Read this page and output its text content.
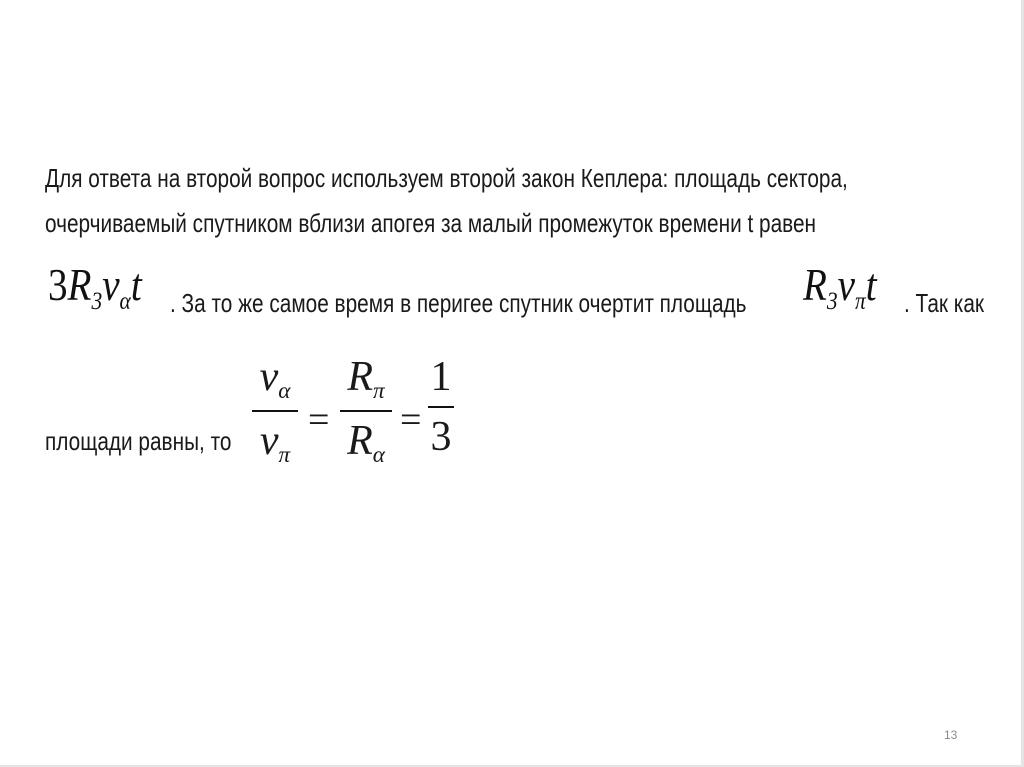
Для ответа на второй вопрос используем второй закон Кеплера: площадь сектора,
очерчиваемый спутником вблизи апогея за малый промежуток времени t равен
$3R_3v_\alpha t$ . За то же самое время в перигее спутник очертит площадь $R_3v_\pi t$ . Так как
площади равны, то
$v_\alpha$
$v_\pi$
=
$R_\pi$
$R_\alpha$
=
1
3
13
